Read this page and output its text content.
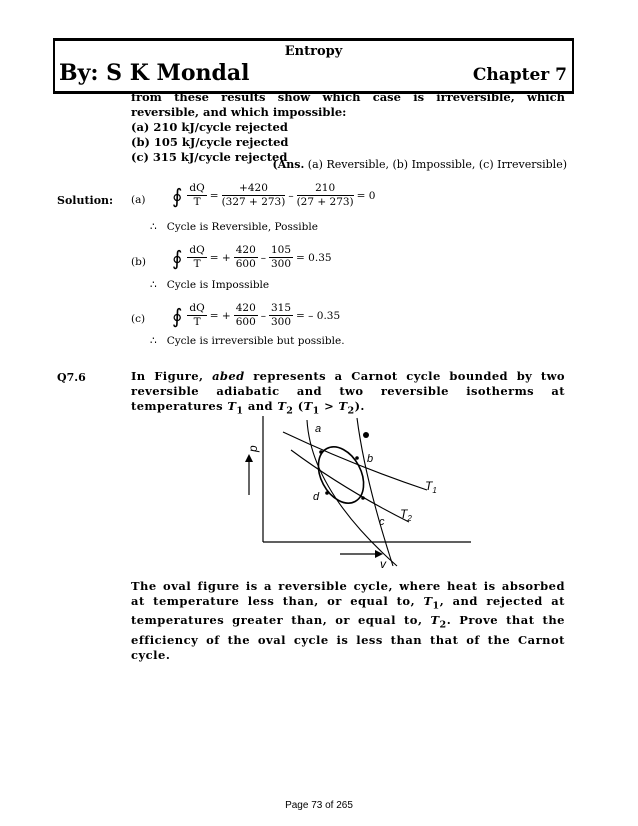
Entropy
By: S K Mondal	Chapter 7
from these results show which case is irreversible, which reversible, and which impossible:
(a) 210 kJ/cycle rejected
(b) 105 kJ/cycle rejected
(c) 315 kJ/cycle rejected
(Ans. (a) Reversible, (b) Impossible, (c) Irreversible)
Solution: (a) ∮ $\frac{dQ}{T} = \frac{+420}{(327 + 273)} - \frac{210}{(27 + 273)} = 0$
∴ Cycle is Reversible, Possible
(b) ∮ $\frac{dQ}{T}$ = + $\frac{420}{600} - \frac{105}{300} = 0.35$
∴ Cycle is Impossible
(c) ∮ $\frac{dQ}{T}$ = + $\frac{420}{600} - \frac{315}{300}$ = – 0.35
∴ Cycle is irreversible but possible.
Q7.6	In Figure, abed represents a Carnot cycle bounded by two reversible adiabatic and two reversible isotherms at temperatures $T_1$ and $T_2$ $(T_1 > T_2)$.
p
v
a
b
c
d
$T_1$
$T_2$
The oval figure is a reversible cycle, where heat is absorbed at temperature less than, or equal to, $T_1$, and rejected at temperatures greater than, or equal to, $T_2$. Prove that the efficiency of the oval cycle is less than that of the Carnot cycle.
Page 73 of 265
